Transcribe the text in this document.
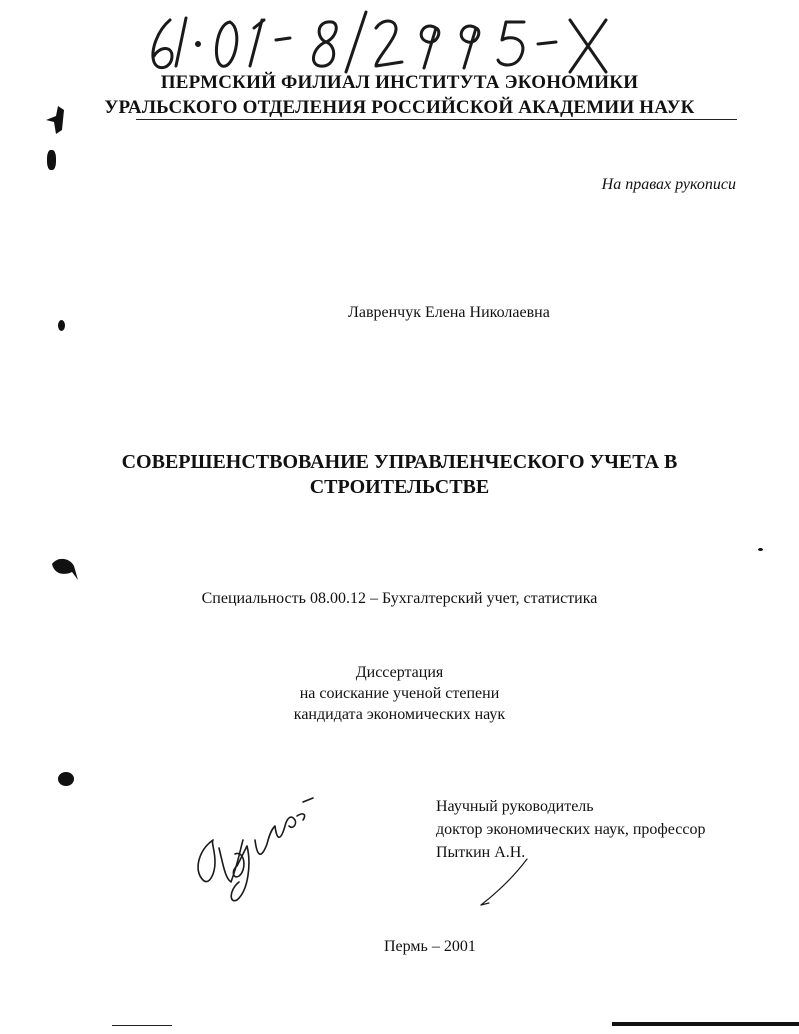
ПЕРМСКИЙ ФИЛИАЛ ИНСТИТУТА ЭКОНОМИКИ
УРАЛЬСКОГО ОТДЕЛЕНИЯ РОССИЙСКОЙ АКАДЕМИИ НАУК
На правах рукописи
Лавренчук Елена Николаевна
СОВЕРШЕНСТВОВАНИЕ УПРАВЛЕНЧЕСКОГО УЧЕТА В
СТРОИТЕЛЬСТВЕ
Специальность 08.00.12 – Бухгалтерский учет, статистика
Диссертация
на соискание ученой степени
кандидата экономических наук
Научный руководитель
доктор экономических наук, профессор
Пыткин А.Н.
Пермь – 2001
